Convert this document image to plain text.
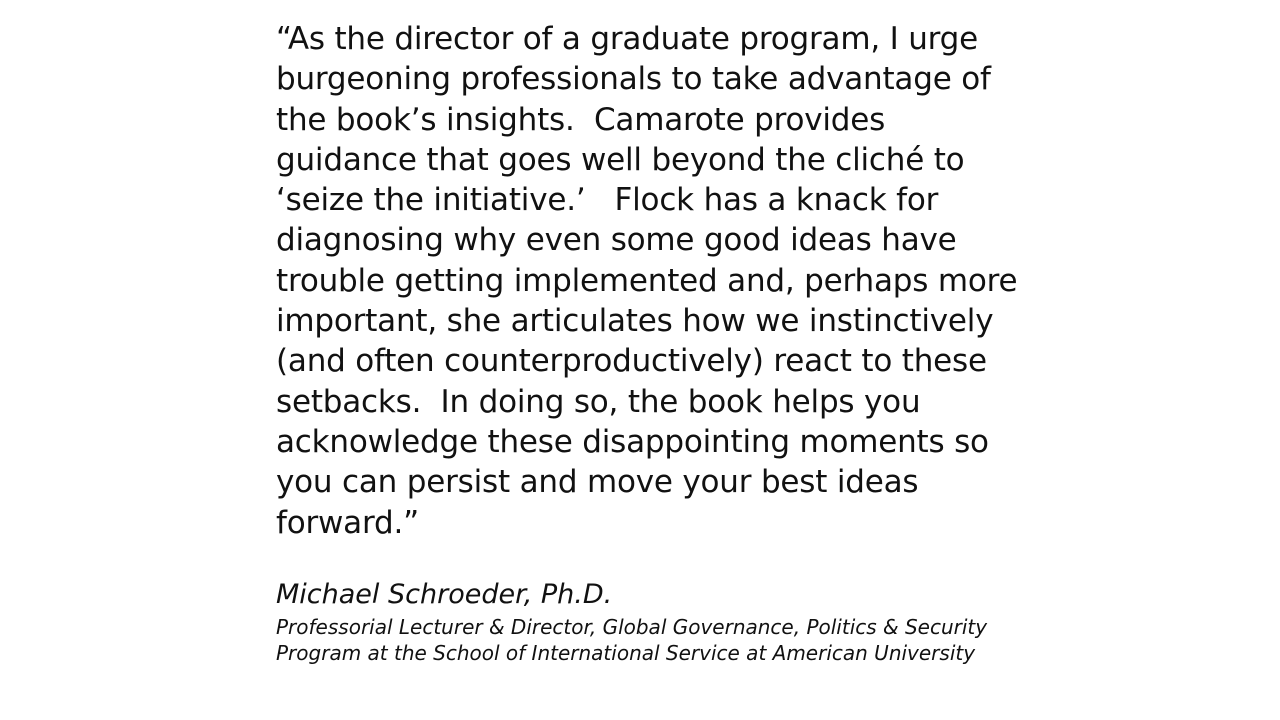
“As the director of a graduate program, I urge
burgeoning professionals to take advantage of
the book’s insights.  Camarote provides
guidance that goes well beyond the cliché to
‘seize the initiative.’   Flock has a knack for
diagnosing why even some good ideas have
trouble getting implemented and, perhaps more
important, she articulates how we instinctively
(and often counterproductively) react to these
setbacks.  In doing so, the book helps you
acknowledge these disappointing moments so
you can persist and move your best ideas
forward.”

Michael Schroeder, Ph.D.
Professorial Lecturer & Director, Global Governance, Politics & Security
Program at the School of International Service at American University
